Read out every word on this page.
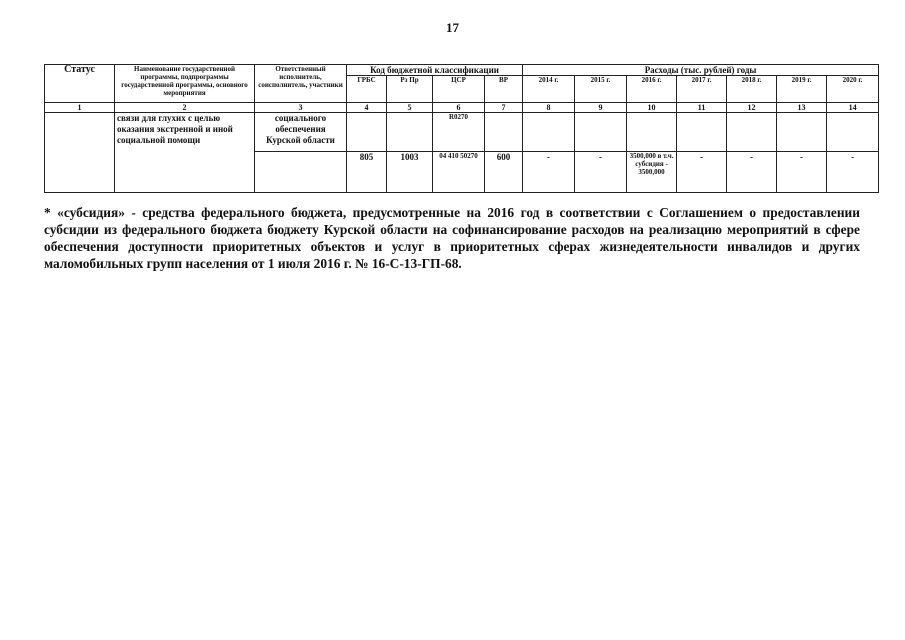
17
Статус	Наименование государственной программы, подпрограммы государственной программы, основного мероприятия	Ответственный исполнитель, соисполнитель, участники	Код бюджетной классификации				Расходы (тыс. рублей) годы						
			ГРБС	Рз Пр	ЦСР	ВР	2014 г.	2015 г.	2016 г.	2017 г.	2018 г.	2019 г.	2020 г.
1	2	3	4	5	6	7	8	9	10	11	12	13	14
	связи для глухих с целью оказания экстренной и иной социальной помощи	социального обеспечения Курской области			R0270								
			805	1003	04 410 50270	600	-	-	3500,000 в т.ч. субсидия - 3500,000	-	-	-	-
* «субсидия» - средства федерального бюджета, предусмотренные на 2016 год в соответствии с Соглашением о предоставлении субсидии из федерального бюджета бюджету Курской области на софинансирование расходов на реализацию мероприятий в сфере обеспечения доступности приоритетных объектов и услуг в приоритетных сферах жизнедеятельности инвалидов и других маломобильных групп населения от 1 июля 2016 г. № 16-С-13-ГП-68.
